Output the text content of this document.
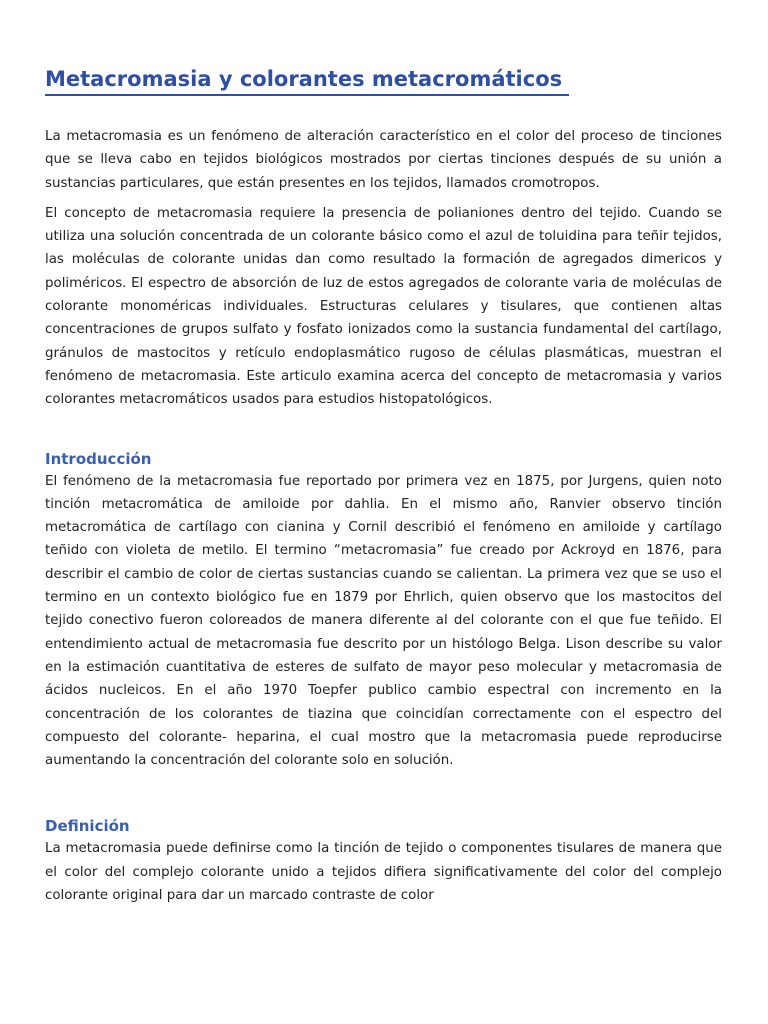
Metacromasia y colorantes metacromáticos

La metacromasia es un fenómeno de alteración característico en el color del proceso de tinciones que se lleva cabo en tejidos biológicos mostrados por ciertas tinciones después de su unión a sustancias particulares, que están presentes en los tejidos, llamados cromotropos.

El concepto de metacromasia requiere la presencia de polianiones dentro del tejido. Cuando se utiliza una solución concentrada de un colorante básico como el azul de toluidina para teñir tejidos, las moléculas de colorante unidas dan como resultado la formación de agregados dimericos y poliméricos. El espectro de absorción de luz de estos agregados de colorante varia de moléculas de colorante monoméricas individuales. Estructuras celulares y tisulares, que contienen altas concentraciones de grupos sulfato y fosfato ionizados como la sustancia fundamental del cartílago, gránulos de mastocitos y retículo endoplasmático rugoso de células plasmáticas, muestran el fenómeno de metacromasia. Este articulo examina acerca del concepto de metacromasia y varios colorantes metacromáticos usados para estudios histopatológicos.

Introducción

El fenómeno de la metacromasia fue reportado por primera vez en 1875, por Jurgens, quien noto tinción metacromática de amiloide por dahlia. En el mismo año, Ranvier observo tinción metacromática de cartílago con cianina y Cornil describió el fenómeno en amiloide y cartílago teñido con violeta de metilo. El termino “metacromasia” fue creado por Ackroyd en 1876, para describir el cambio de color de ciertas sustancias cuando se calientan. La primera vez que se uso el termino en un contexto biológico fue en 1879 por Ehrlich, quien observo que los mastocitos del tejido conectivo fueron coloreados de manera diferente al del colorante con el que fue teñido. El entendimiento actual de metacromasia fue descrito por un histólogo Belga. Lison describe su valor en la estimación cuantitativa de esteres de sulfato de mayor peso molecular y metacromasia de ácidos nucleicos. En el año 1970 Toepfer publico cambio espectral con incremento en la concentración de los colorantes de tiazina que coincidían correctamente con el espectro del compuesto del colorante- heparina, el cual mostro que la metacromasia puede reproducirse aumentando la concentración del colorante solo en solución.

Definición

La metacromasia puede definirse como la tinción de tejido o componentes tisulares de manera que el color del complejo colorante unido a tejidos difiera significativamente del color del complejo colorante original para dar un marcado contraste de color
